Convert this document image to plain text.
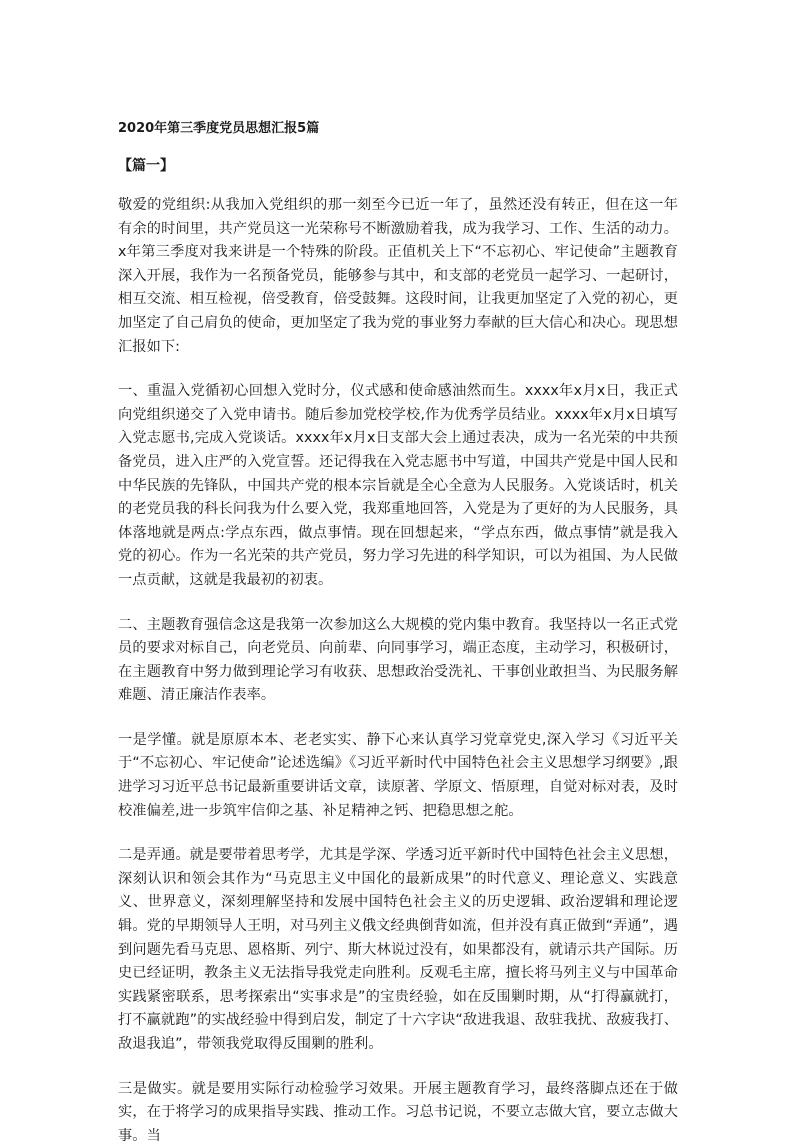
2020年第三季度党员思想汇报5篇

【篇一】

敬爱的党组织:从我加入党组织的那一刻至今已近一年了，虽然还没有转正，但在这一年有余的时间里，共产党员这一光荣称号不断激励着我，成为我学习、工作、生活的动力。x年第三季度对我来讲是一个特殊的阶段。正值机关上下“不忘初心、牢记使命”主题教育深入开展，我作为一名预备党员，能够参与其中，和支部的老党员一起学习、一起研讨，相互交流、相互检视，倍受教育，倍受鼓舞。这段时间，让我更加坚定了入党的初心，更加坚定了自己肩负的使命，更加坚定了我为党的事业努力奉献的巨大信心和决心。现思想汇报如下:

一、重温入党循初心回想入党时分，仪式感和使命感油然而生。xxxx年x月x日，我正式向党组织递交了入党申请书。随后参加党校学校,作为优秀学员结业。xxxx年x月x日填写入党志愿书,完成入党谈话。xxxx年x月x日支部大会上通过表决，成为一名光荣的中共预备党员，进入庄严的入党宣誓。还记得我在入党志愿书中写道，中国共产党是中国人民和中华民族的先锋队，中国共产党的根本宗旨就是全心全意为人民服务。入党谈话时，机关的老党员我的科长问我为什么要入党，我郑重地回答，入党是为了更好的为人民服务，具体落地就是两点:学点东西，做点事情。现在回想起来，“学点东西，做点事情”就是我入党的初心。作为一名光荣的共产党员，努力学习先进的科学知识，可以为祖国、为人民做一点贡献，这就是我最初的初衷。

二、主题教育强信念这是我第一次参加这么大规模的党内集中教育。我坚持以一名正式党员的要求对标自己，向老党员、向前辈、向同事学习，端正态度，主动学习，积极研讨，在主题教育中努力做到理论学习有收获、思想政治受洗礼、干事创业敢担当、为民服务解难题、清正廉洁作表率。

一是学懂。就是原原本本、老老实实、静下心来认真学习党章党史,深入学习《习近平关于“不忘初心、牢记使命”论述选编》《习近平新时代中国特色社会主义思想学习纲要》,跟进学习习近平总书记最新重要讲话文章，读原著、学原文、悟原理，自觉对标对表，及时校准偏差,进一步筑牢信仰之基、补足精神之钙、把稳思想之舵。

二是弄通。就是要带着思考学，尤其是学深、学透习近平新时代中国特色社会主义思想，深刻认识和领会其作为“马克思主义中国化的最新成果”的时代意义、理论意义、实践意义、世界意义，深刻理解坚持和发展中国特色社会主义的历史逻辑、政治逻辑和理论逻辑。党的早期领导人王明，对马列主义俄文经典倒背如流，但并没有真正做到“弄通”，遇到问题先看马克思、恩格斯、列宁、斯大林说过没有，如果都没有，就请示共产国际。历史已经证明，教条主义无法指导我党走向胜利。反观毛主席，擅长将马列主义与中国革命实践紧密联系，思考探索出“实事求是”的宝贵经验，如在反围剿时期，从“打得赢就打，打不赢就跑”的实战经验中得到启发，制定了十六字诀“敌进我退、敌驻我扰、敌疲我打、敌退我追”，带领我党取得反围剿的胜利。

三是做实。就是要用实际行动检验学习效果。开展主题教育学习，最终落脚点还在于做实，在于将学习的成果指导实践、推动工作。习总书记说，不要立志做大官，要立志做大事。当
